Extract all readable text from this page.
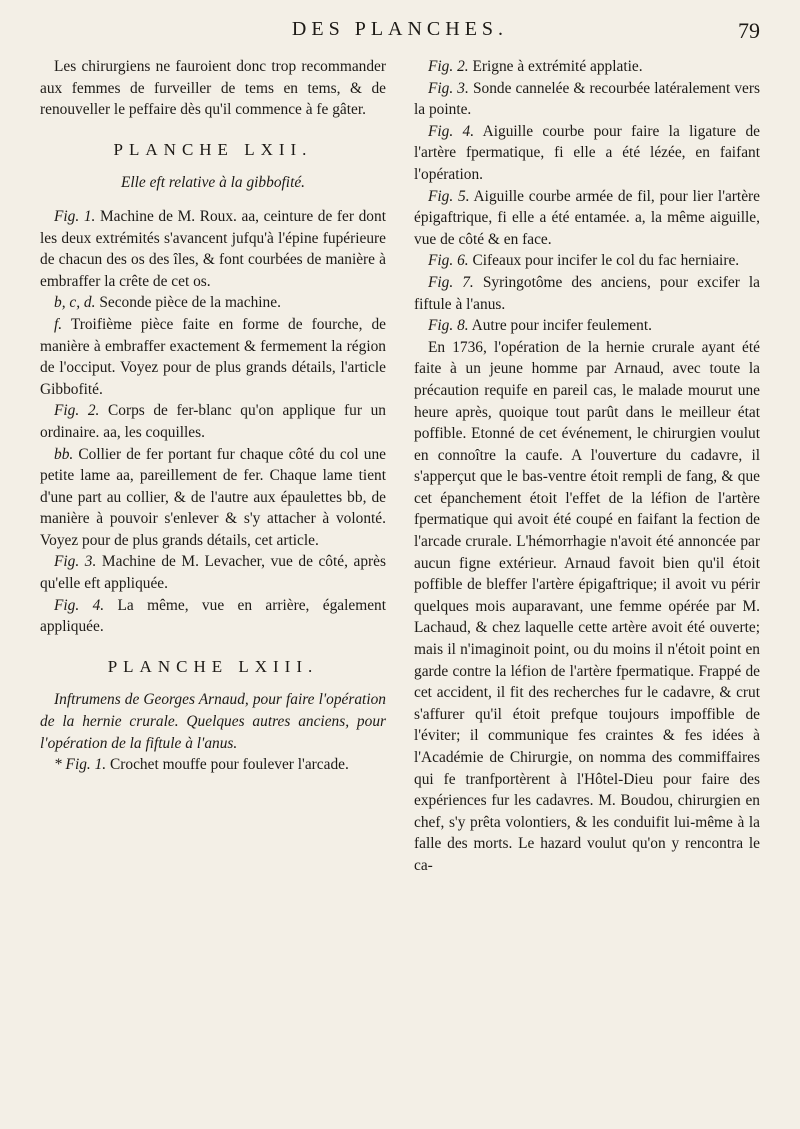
DES PLANCHES.	79

Les chirurgiens ne fauroient donc trop recommander aux femmes de furveiller de tems en tems, & de renouveller le peffaire dès qu'il commence à fe gâter.

PLANCHE LXII.
Elle eft relative à la gibbofité.

Fig. 1. Machine de M. Roux. aa, ceinture de fer dont les deux extrémités s'avancent jufqu'à l'épine fupérieure de chacun des os des îles, & font courbées de manière à embraffer la crête de cet os.

b, c, d. Seconde pièce de la machine.

f. Troifième pièce faite en forme de fourche, de manière à embraffer exactement & fermement la région de l'occiput. Voyez pour de plus grands détails, l'article Gibbofité.

Fig. 2. Corps de fer-blanc qu'on applique fur un ordinaire. aa, les coquilles.

bb. Collier de fer portant fur chaque côté du col une petite lame aa, pareillement de fer. Chaque lame tient d'une part au collier, & de l'autre aux épaulettes bb, de manière à pouvoir s'enlever & s'y attacher à volonté. Voyez pour de plus grands détails, cet article.

Fig. 3. Machine de M. Levacher, vue de côté, après qu'elle eft appliquée.

Fig. 4. La même, vue en arrière, également appliquée.

PLANCHE LXIII.

Inftrumens de Georges Arnaud, pour faire l'opération de la hernie crurale. Quelques autres anciens, pour l'opération de la fiftule à l'anus.

* Fig. 1. Crochet mouffe pour foulever l'arcade.

Fig. 2. Erigne à extrémité applatie.

Fig. 3. Sonde cannelée & recourbée latéralement vers la pointe.

Fig. 4. Aiguille courbe pour faire la ligature de l'artère fpermatique, fi elle a été lézée, en faifant l'opération.

Fig. 5. Aiguille courbe armée de fil, pour lier l'artère épigaftrique, fi elle a été entamée. a, la même aiguille, vue de côté & en face.

Fig. 6. Cifeaux pour incifer le col du fac herniaire.

Fig. 7. Syringotôme des anciens, pour excifer la fiftule à l'anus.

Fig. 8. Autre pour incifer feulement.

En 1736, l'opération de la hernie crurale ayant été faite à un jeune homme par Arnaud, avec toute la précaution requife en pareil cas, le malade mourut une heure après, quoique tout parût dans le meilleur état poffible. Etonné de cet événement, le chirurgien voulut en connoître la caufe. A l'ouverture du cadavre, il s'apperçut que le bas-ventre étoit rempli de fang, & que cet épanchement étoit l'effet de la léfion de l'artère fpermatique qui avoit été coupé en faifant la fection de l'arcade crurale. L'hémorrhagie n'avoit été annoncée par aucun figne extérieur. Arnaud favoit bien qu'il étoit poffible de bleffer l'artère épigaftrique; il avoit vu périr quelques mois auparavant, une femme opérée par M. Lachaud, & chez laquelle cette artère avoit été ouverte; mais il n'imaginoit point, ou du moins il n'étoit point en garde contre la léfion de l'artère fpermatique. Frappé de cet accident, il fit des recherches fur le cadavre, & crut s'affurer qu'il étoit prefque toujours impoffible de l'éviter; il communique fes craintes & fes idées à l'Académie de Chirurgie, on nomma des commiffaires qui fe tranfportèrent à l'Hôtel-Dieu pour faire des expériences fur les cadavres. M. Boudou, chirurgien en chef, s'y prêta volontiers, & les conduifit lui-même à la falle des morts. Le hazard voulut qu'on y rencontra le ca-
